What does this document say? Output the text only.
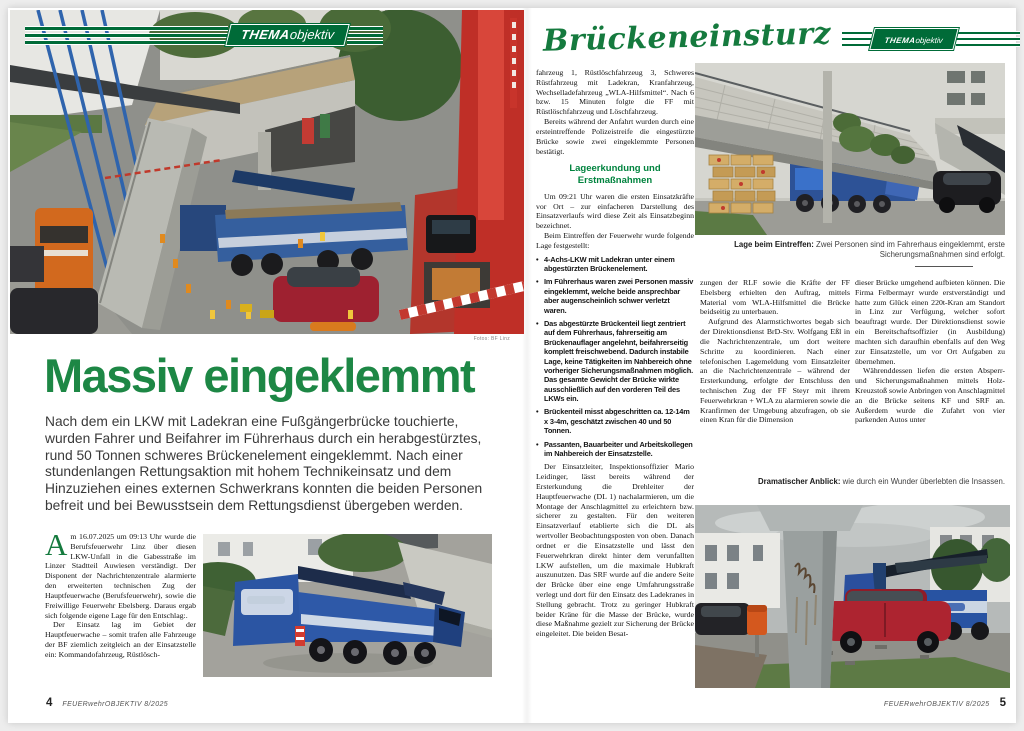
THEMAobjektiv
Fotos: BF Linz
Massiv eingeklemmt
Nach dem ein LKW mit Ladekran eine Fußgängerbrücke touchierte, wurden Fahrer und Beifahrer im Führerhaus durch ein herabgestürztes, rund 50 Tonnen schweres Brückenelement eingeklemmt. Nach einer stundenlangen Rettungsaktion mit hohem Technikeinsatz und dem Hinzuziehen eines externen Schwerkrans konnten die beiden Personen befreit und bei Bewusstsein dem Rettungsdienst übergeben werden.

Am 16.07.2025 um 09:13 Uhr wurde die Berufsfeuerwehr Linz über diesen LKW-Unfall in die Gabesstraße im Linzer Stadtteil Auwiesen verständigt. Der Disponent der Nachrichtenzentrale alarmierte den erweiterten technischen Zug der Hauptfeuerwache (Berufsfeuerwehr), sowie die Freiwillige Feuerwehr Ebelsberg. Daraus ergab sich folgende eigene Lage für den Entschlag:.

Der Einsatz lag im Gebiet der Hauptfeuerwache – somit trafen alle Fahrzeuge der BF ziemlich zeitgleich an der Einsatzstelle ein: Kommandofahrzeug, Rüstlösch-

4 FEUERwehrOBJEKTIV 8/2025
Brückeneinsturz	THEMAobjektiv

fahrzeug 1, Rüstlöschfahrzeug 3, Schweres Rüstfahrzeug mit Ladekran, Kranfahrzeug, Wechselladefahrzeug „WLA-Hilfsmittel“. Nach 6 bzw. 15 Minuten folgte die FF mit Rüstlöschfahrzeug und Löschfahrzeug.

Bereits während der Anfahrt wurden durch eine ersteintreffende Polizeistreife die eingestürzte Brücke sowie zwei eingeklemmte Personen bestätigt.

Lageerkundung und Erstmaßnahmen

Um 09:21 Uhr waren die ersten Einsatzkräfte vor Ort – zur einfacheren Darstellung des Einsatzverlaufs wird diese Zeit als Einsatzbeginn bezeichnet.

Beim Eintreffen der Feuerwehr wurde folgende Lage festgestellt:

• 4-Achs-LKW mit Ladekran unter einem abgestürzten Brückenelement.
• Im Führerhaus waren zwei Personen massiv eingeklemmt, welche beide ansprechbar aber augenscheinlich schwer verletzt waren.
• Das abgestürzte Brückenteil liegt zentriert auf dem Führerhaus, fahrerseitig am Brückenauflager angelehnt, beifahrerseitig komplett freischwebend. Dadurch instabile Lage, keine Tätigkeiten im Nahbereich ohne vorheriger Sicherungsmaßnahmen möglich. Das gesamte Gewicht der Brücke wirkte ausschließlich auf den vorderen Teil des LKWs ein.
• Brückenteil misst abgeschritten ca. 12-14m x 3-4m, geschätzt zwischen 40 und 50 Tonnen.
• Passanten, Bauarbeiter und Arbeitskollegen im Nahbereich der Einsatzstelle.

Der Einsatzleiter, Inspektionsoffizier Mario Leidinger, lässt bereits während der Ersterkundung die Drehleiter der Hauptfeuerwache (DL 1) nachalarmieren, um die Montage der Anschlagmittel zu erleichtern bzw. sicherer zu gestalten. Für den weiteren Einsatzverlauf etablierte sich die DL als wertvoller Beobachtungsposten von oben. Danach ordnet er die Einsatzstelle und lässt den Feuerwehrkran direkt hinter dem verunfallten LKW aufstellen, um die maximale Hubkraft auszunutzen. Das SRF wurde auf die andere Seite der Brücke über eine enge Umfahrungsstraße verlegt und dort für den Einsatz des Ladekranes in Stellung gebracht. Trotz zu geringer Hubkraft beider Kräne für die Masse der Brücke, wurde diese Maßnahme gezielt zur Sicherung der Brücke eingeleitet. Die beiden Besat-

Lage beim Eintreffen: Zwei Personen sind im Fahrerhaus eingeklemmt, erste Sicherungsmaßnahmen sind erfolgt.

zungen der RLF sowie die Kräfte der FF Ebelsberg erhielten den Auftrag, mittels Material vom WLA-Hilfsmittel die Brücke beidseitig zu unterbauen.

Aufgrund des Alarmstichwortes begab sich der Direktionsdienst BrD-Stv. Wolfgang Eßl in die Nachrichtenzentrale, um dort weitere Schritte zu koordinieren. Nach einer telefonischen Lagemeldung vom Einsatzleiter an die Nachrichtenzentrale – während der Ersterkundung, erfolgte der Entschluss den technischen Zug der FF Steyr mit ihrem Feuerwehrkran + WLA zu alarmieren sowie die Kranfirmen der Umgebung abzufragen, ob sie einen Kran für die Dimension

dieser Brücke umgehend aufbieten können. Die Firma Felbermayr wurde erstverständigt und hatte zum Glück einen 220t-Kran am Standort in Linz zur Verfügung, welcher sofort beauftragt wurde. Der Direktionsdienst sowie ein Bereitschaftsoffizier (in Ausbildung) machten sich daraufhin ebenfalls auf den Weg zur Einsatzstelle, um vor Ort Aufgaben zu übernehmen.

Währenddessen liefen die ersten Absperr- und Sicherungsmaßnahmen mittels Holz-Kreuzstoß sowie Anbringen von Anschlagmittel an die Brücke seitens KF und SRF an. Außerdem wurde die Zufahrt von vier parkenden Autos unter

Dramatischer Anblick: wie durch ein Wunder überlebten die Insassen.
FEUERwehrOBJEKTIV 8/2025 5
